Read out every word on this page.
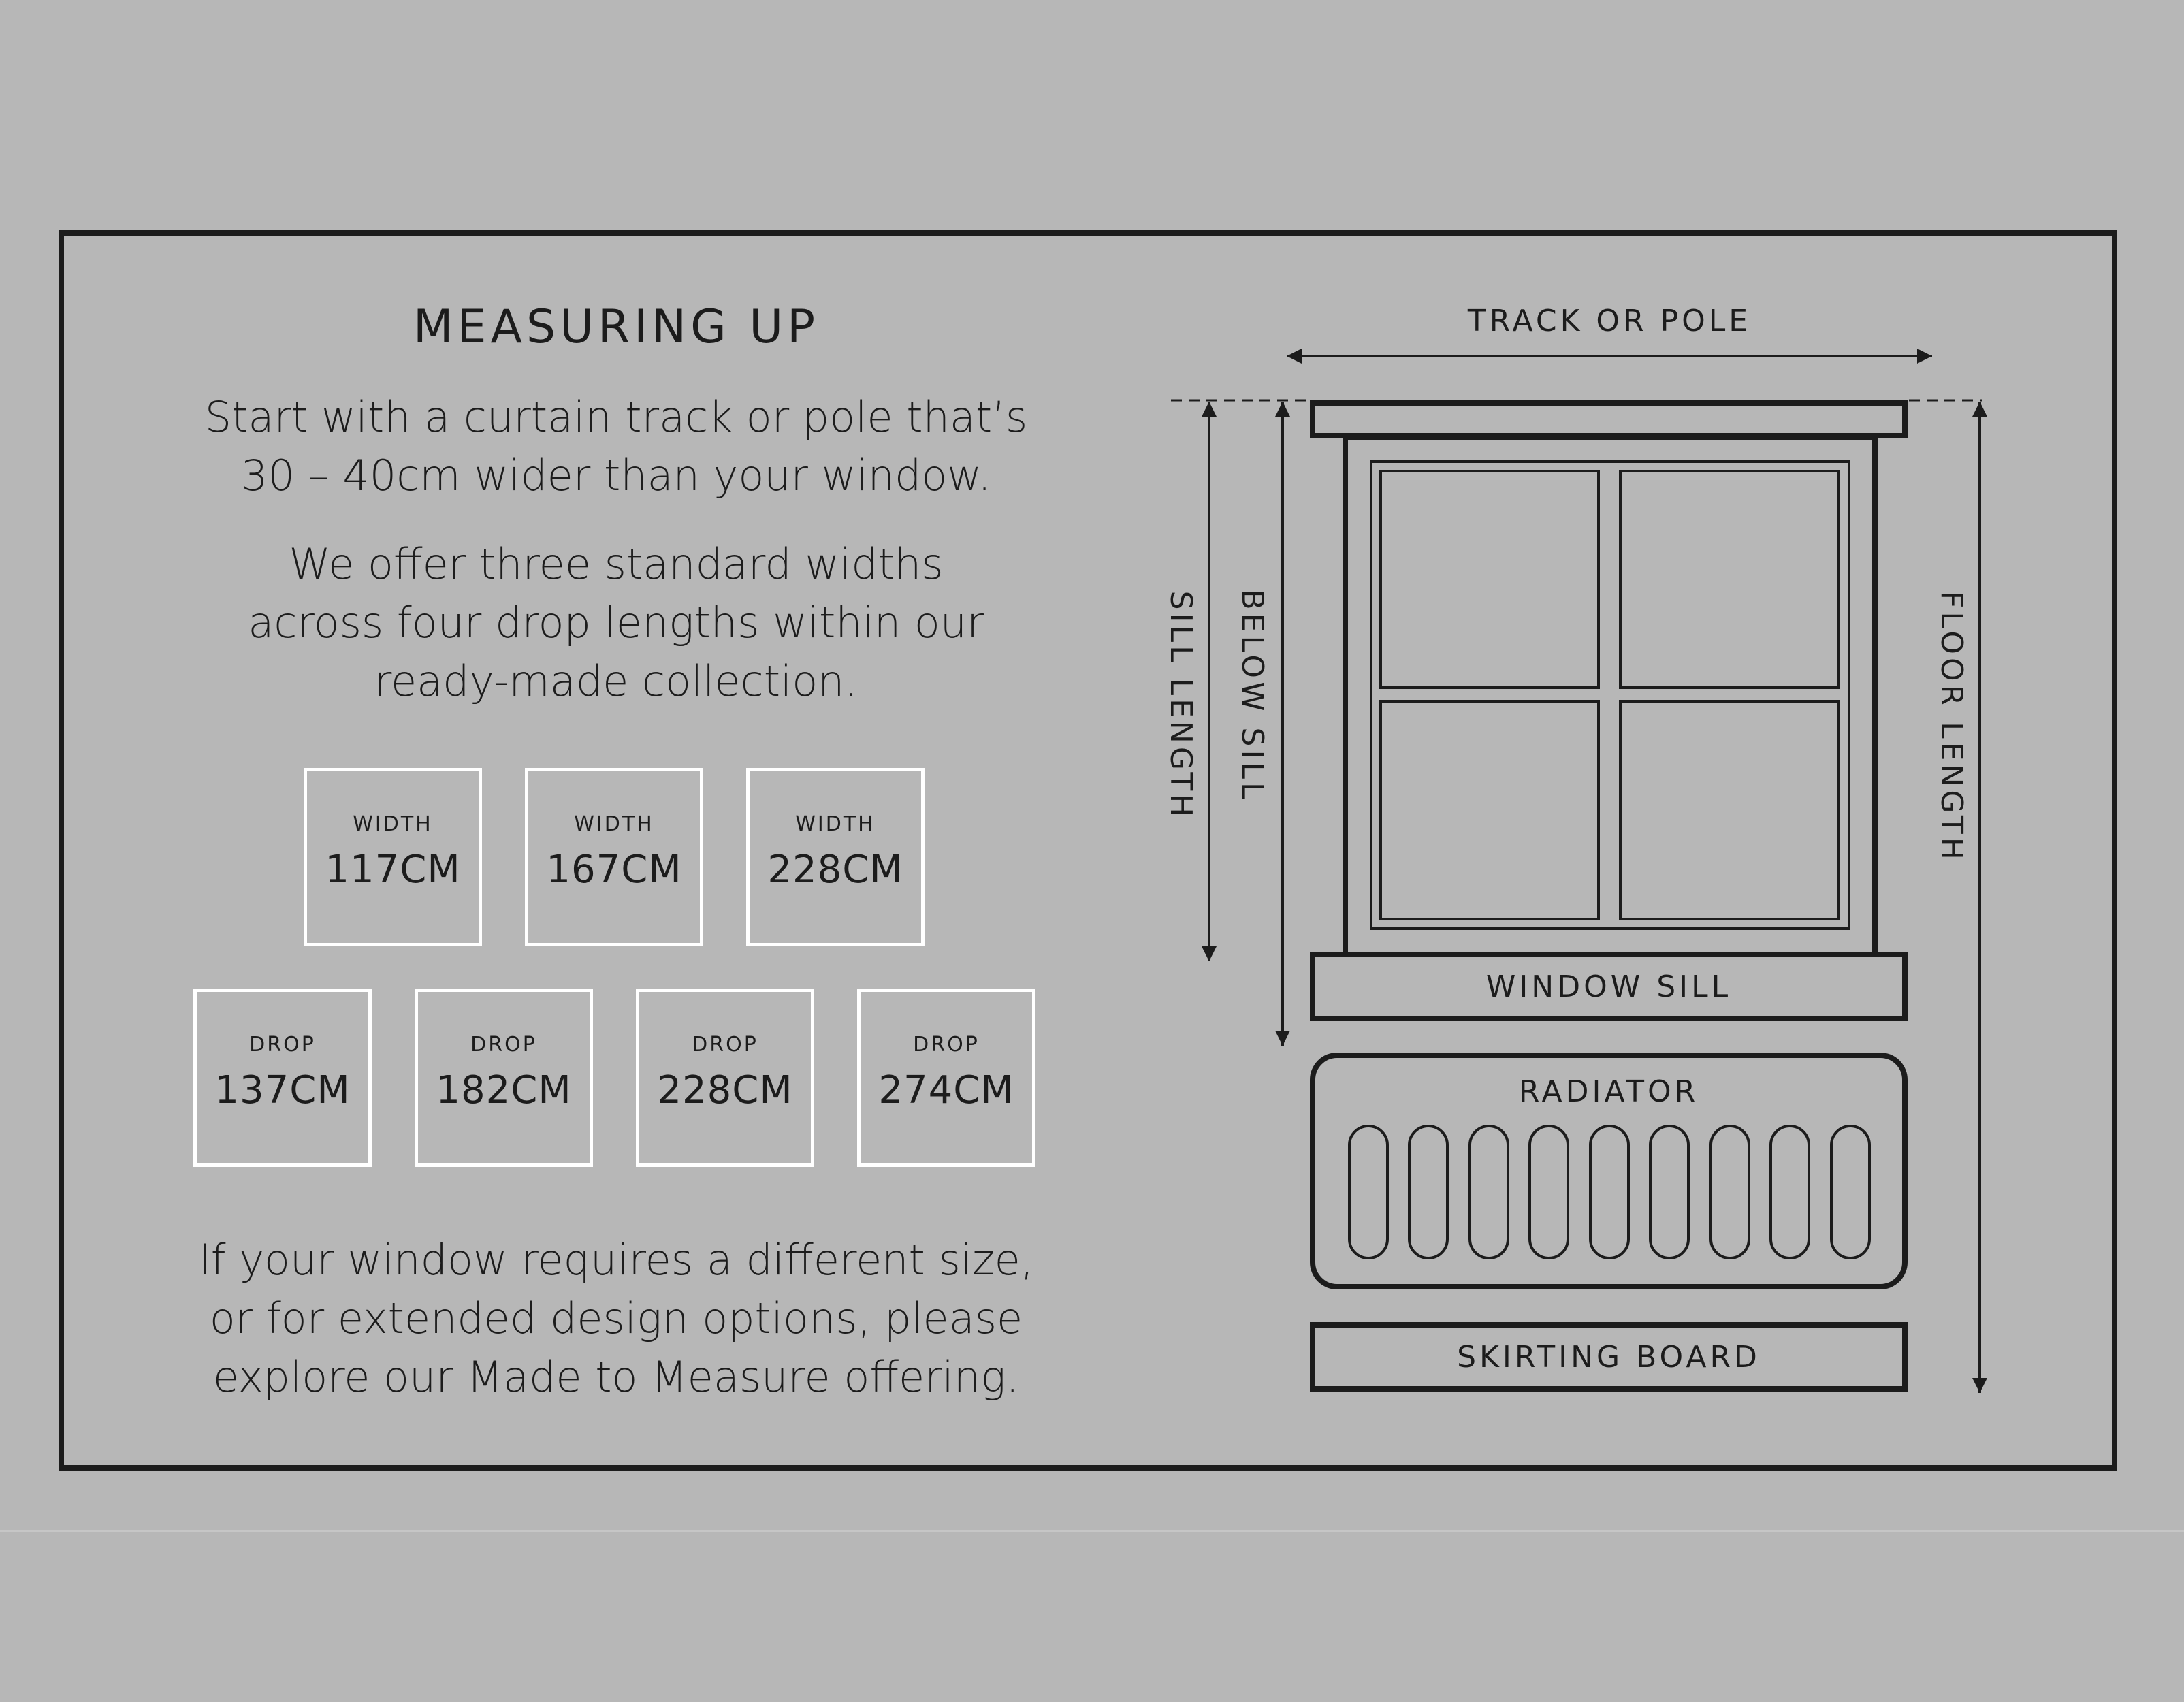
MEASURING UP

Start with a curtain track or pole that’s
30 – 40cm wider than your window.

We offer three standard widths
across four drop lengths within our
ready-made collection.

WIDTH
117CM
WIDTH
167CM
WIDTH
228CM
DROP
137CM
DROP
182CM
DROP
228CM
DROP
274CM

If your window requires a different size,
or for extended design options, please
explore our Made to Measure offering.

TRACK OR POLE
WINDOW SILL
RADIATOR
SKIRTING BOARD
SILL LENGTH BELOW SILL	FLOOR LENGTH
